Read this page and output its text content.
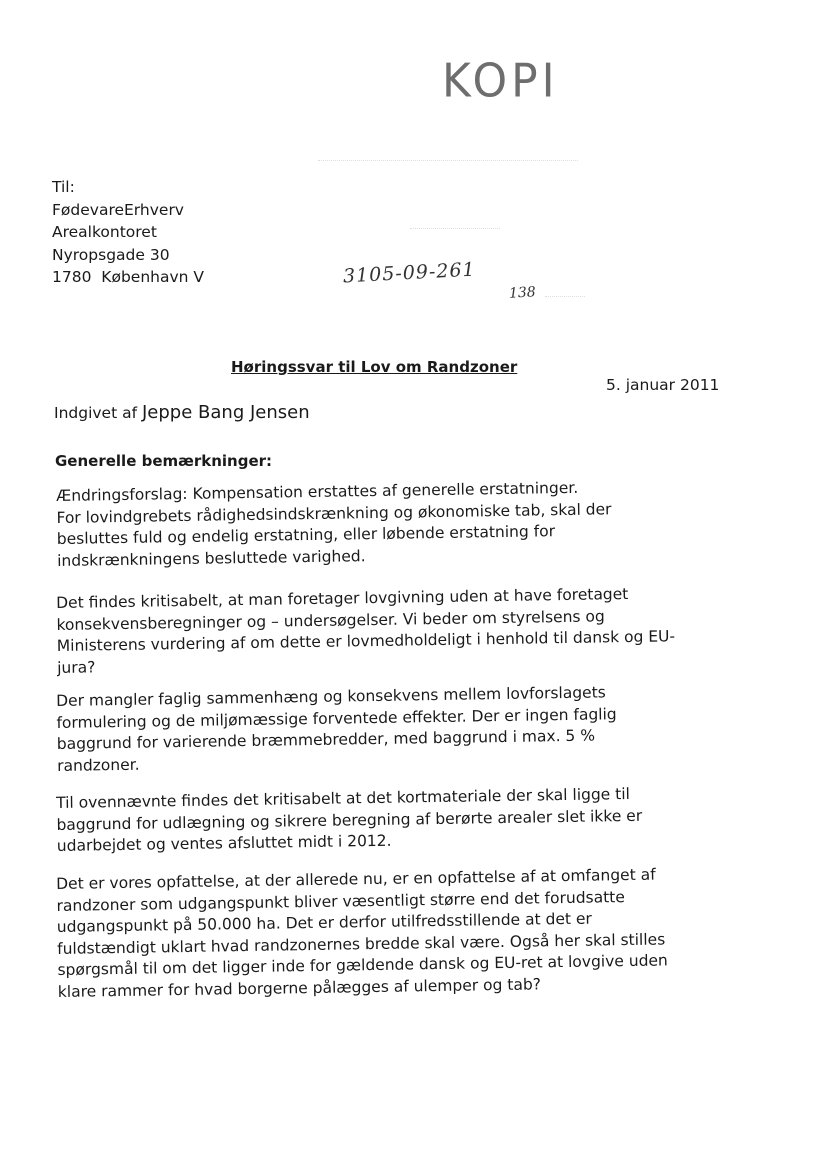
KOPI
Til:
FødevareErhverv
Arealkontoret
Nyropsgade 30
1780  København V	3105-09-261
138
Høringssvar til Lov om Randzoner
5. januar 2011
Indgivet af Jeppe Bang Jensen
Generelle bemærkninger:
Ændringsforslag: Kompensation erstattes af generelle erstatninger.
For lovindgrebets rådighedsindskrænkning og økonomiske tab, skal der
besluttes fuld og endelig erstatning, eller løbende erstatning for
indskrænkningens besluttede varighed.
Det findes kritisabelt, at man foretager lovgivning uden at have foretaget
konsekvensberegninger og – undersøgelser. Vi beder om styrelsens og
Ministerens vurdering af om dette er lovmedholdeligt i henhold til dansk og EU-
jura?
Der mangler faglig sammenhæng og konsekvens mellem lovforslagets
formulering og de miljømæssige forventede effekter. Der er ingen faglig
baggrund for varierende bræmmebredder, med baggrund i max. 5 %
randzoner.
Til ovennævnte findes det kritisabelt at det kortmateriale der skal ligge til
baggrund for udlægning og sikrere beregning af berørte arealer slet ikke er
udarbejdet og ventes afsluttet midt i 2012.
Det er vores opfattelse, at der allerede nu, er en opfattelse af at omfanget af
randzoner som udgangspunkt bliver væsentligt større end det forudsatte
udgangspunkt på 50.000 ha. Det er derfor utilfredsstillende at det er
fuldstændigt uklart hvad randzonernes bredde skal være. Også her skal stilles
spørgsmål til om det ligger inde for gældende dansk og EU-ret at lovgive uden
klare rammer for hvad borgerne pålægges af ulemper og tab?
